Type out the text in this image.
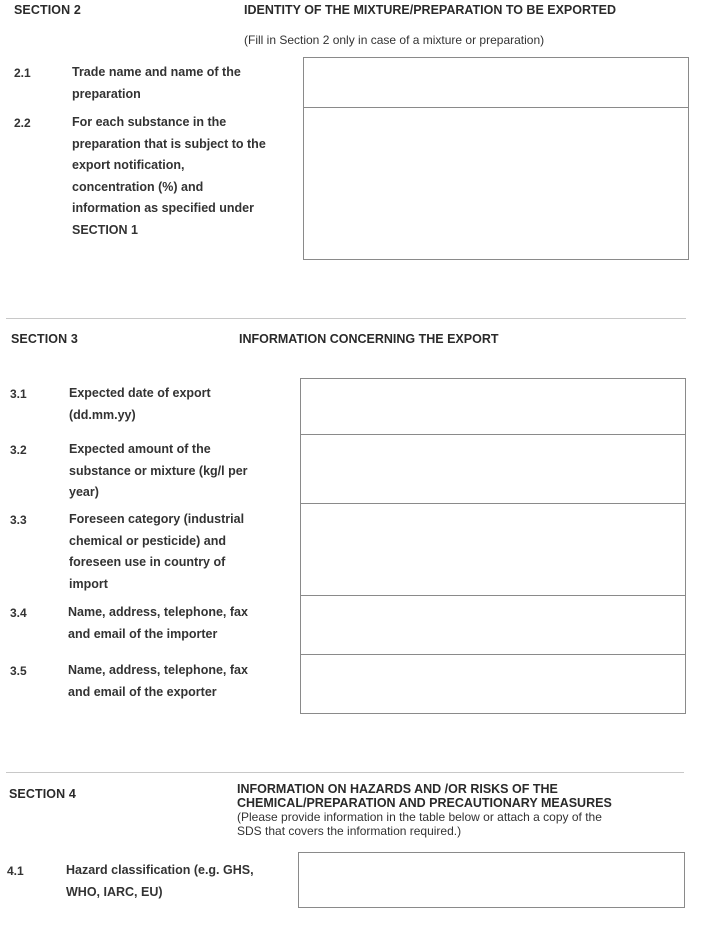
SECTION 2	IDENTITY OF THE MIXTURE/PREPARATION TO BE EXPORTED
(Fill in Section 2 only in case of a mixture or preparation)
2.1	Trade name and name of the
preparation
2.2	For each substance in the
preparation that is subject to the
export notification,
concentration (%) and
information as specified under
SECTION 1
SECTION 3	INFORMATION CONCERNING THE EXPORT
3.1	Expected date of export
(dd.mm.yy)
3.2	Expected amount of the
substance or mixture (kg/l per
year)
3.3	Foreseen category (industrial
chemical or pesticide) and
foreseen use in country of
import
3.4	Name, address, telephone, fax
and email of the importer
3.5	Name, address, telephone, fax
and email of the exporter
SECTION 4	INFORMATION ON HAZARDS AND /OR RISKS OF THE
CHEMICAL/PREPARATION AND PRECAUTIONARY MEASURES
(Please provide information in the table below or attach a copy of the
SDS that covers the information required.)
4.1	Hazard classification (e.g. GHS,
WHO, IARC, EU)
